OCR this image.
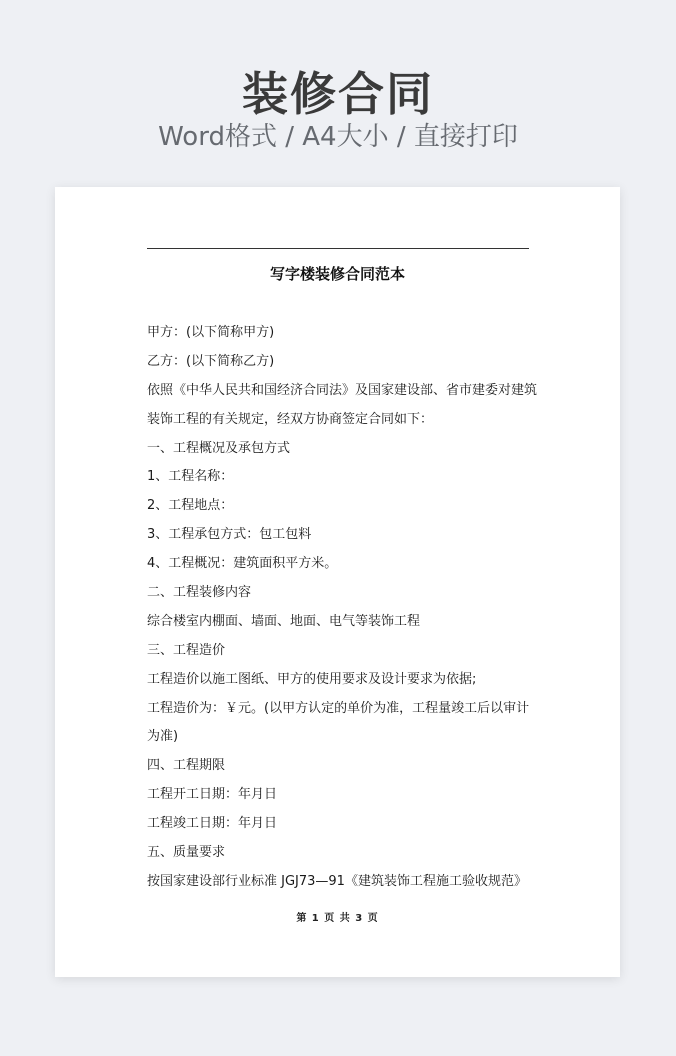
装修合同
Word格式 / A4大小 / 直接打印
写字楼装修合同范本
甲方：(以下简称甲方)
乙方：(以下简称乙方)
依照《中华人民共和国经济合同法》及国家建设部、省市建委对建筑
装饰工程的有关规定，经双方协商签定合同如下：
一、工程概况及承包方式
1、工程名称：
2、工程地点：
3、工程承包方式：包工包料
4、工程概况：建筑面积平方米。
二、工程装修内容
综合楼室内棚面、墙面、地面、电气等装饰工程
三、工程造价
工程造价以施工图纸、甲方的使用要求及设计要求为依据;
工程造价为：￥元。(以甲方认定的单价为准，工程量竣工后以审计
为准)
四、工程期限
工程开工日期：年月日
工程竣工日期：年月日
五、质量要求
按国家建设部行业标准 JGJ73—91《建筑装饰工程施工验收规范》
第 1 页 共 3 页
